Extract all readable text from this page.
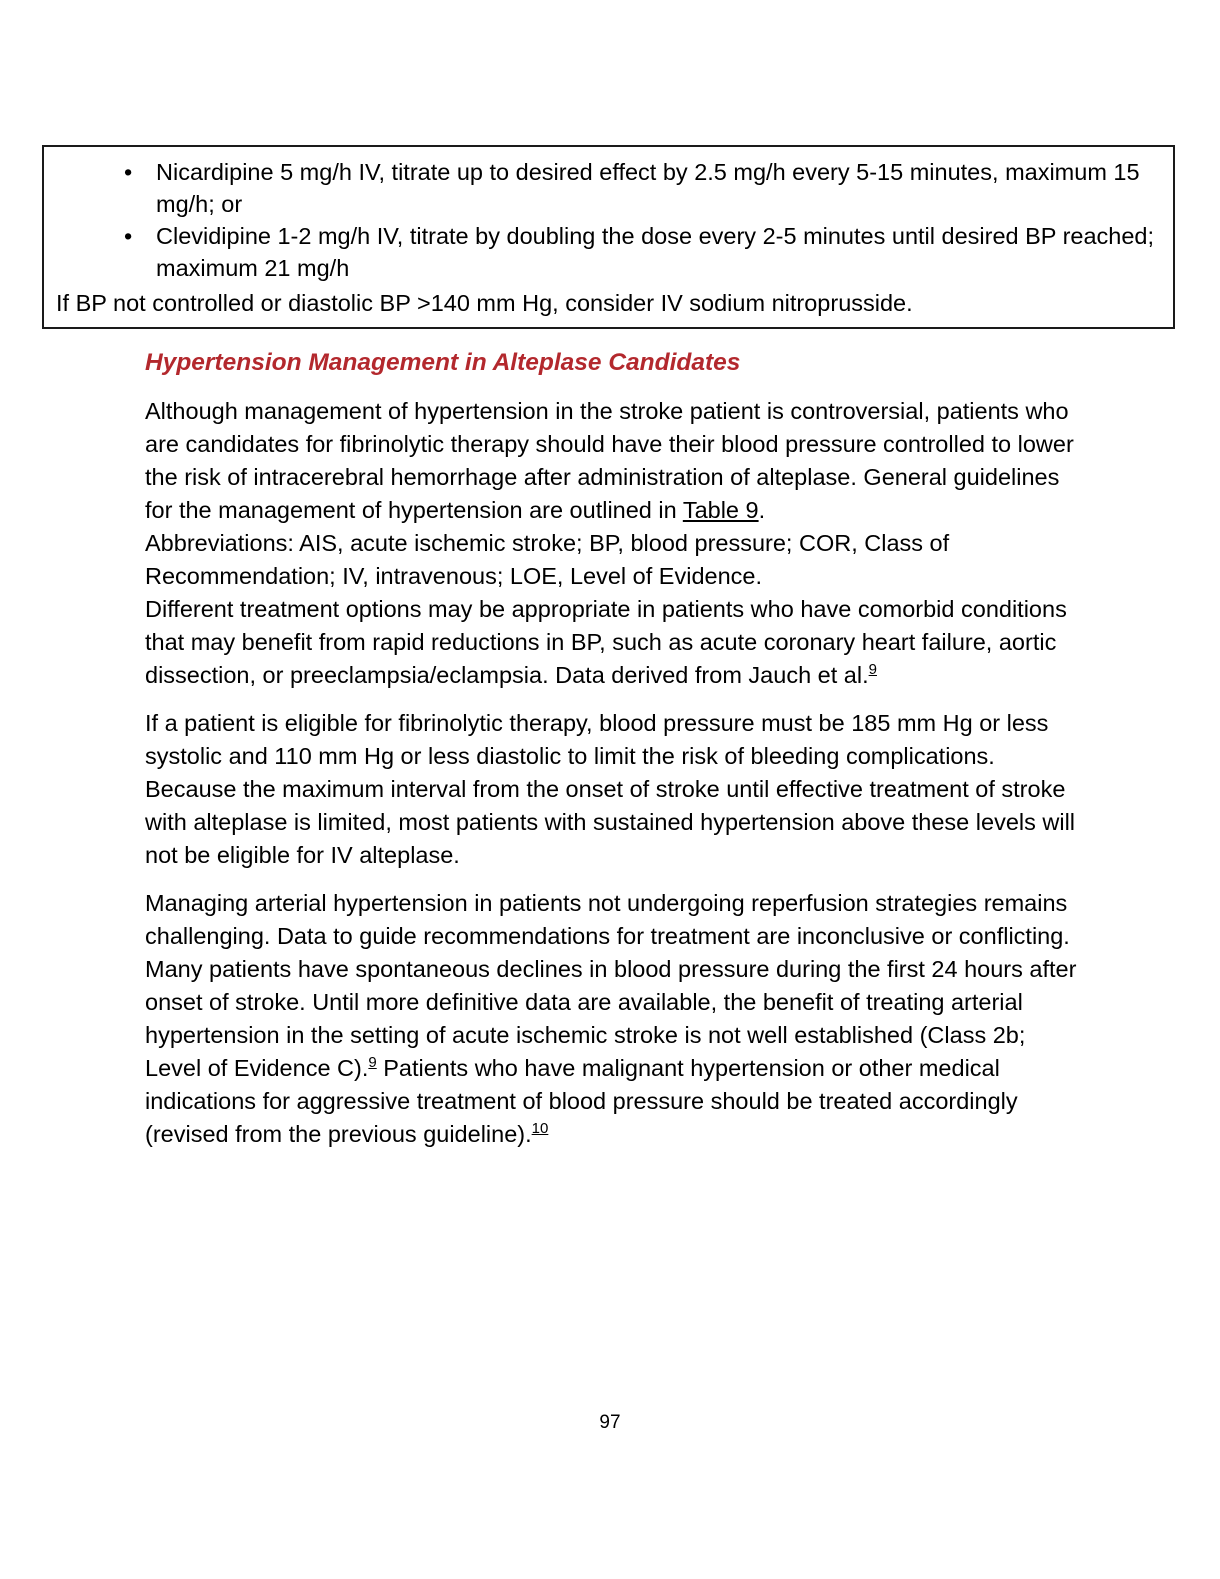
• Nicardipine 5 mg/h IV, titrate up to desired effect by 2.5 mg/h every 5-15 minutes, maximum 15 mg/h; or
• Clevidipine 1-2 mg/h IV, titrate by doubling the dose every 2-5 minutes until desired BP reached; maximum 21 mg/h
If BP not controlled or diastolic BP >140 mm Hg, consider IV sodium nitroprusside.
Hypertension Management in Alteplase Candidates

Although management of hypertension in the stroke patient is controversial, patients who are candidates for fibrinolytic therapy should have their blood pressure controlled to lower the risk of intracerebral hemorrhage after administration of alteplase. General guidelines for the management of hypertension are outlined in Table 9.

Abbreviations: AIS, acute ischemic stroke; BP, blood pressure; COR, Class of Recommendation; IV, intravenous; LOE, Level of Evidence.

Different treatment options may be appropriate in patients who have comorbid conditions that may benefit from rapid reductions in BP, such as acute coronary heart failure, aortic dissection, or preeclampsia/eclampsia. Data derived from Jauch et al.$^9$

If a patient is eligible for fibrinolytic therapy, blood pressure must be 185 mm Hg or less systolic and 110 mm Hg or less diastolic to limit the risk of bleeding complications. Because the maximum interval from the onset of stroke until effective treatment of stroke with alteplase is limited, most patients with sustained hypertension above these levels will not be eligible for IV alteplase.

Managing arterial hypertension in patients not undergoing reperfusion strategies remains challenging. Data to guide recommendations for treatment are inconclusive or conflicting. Many patients have spontaneous declines in blood pressure during the first 24 hours after onset of stroke. Until more definitive data are available, the benefit of treating arterial hypertension in the setting of acute ischemic stroke is not well established (Class 2b; Level of Evidence C).$^9$ Patients who have malignant hypertension or other medical indications for aggressive treatment of blood pressure should be treated accordingly (revised from the previous guideline).$^{10}$

97
